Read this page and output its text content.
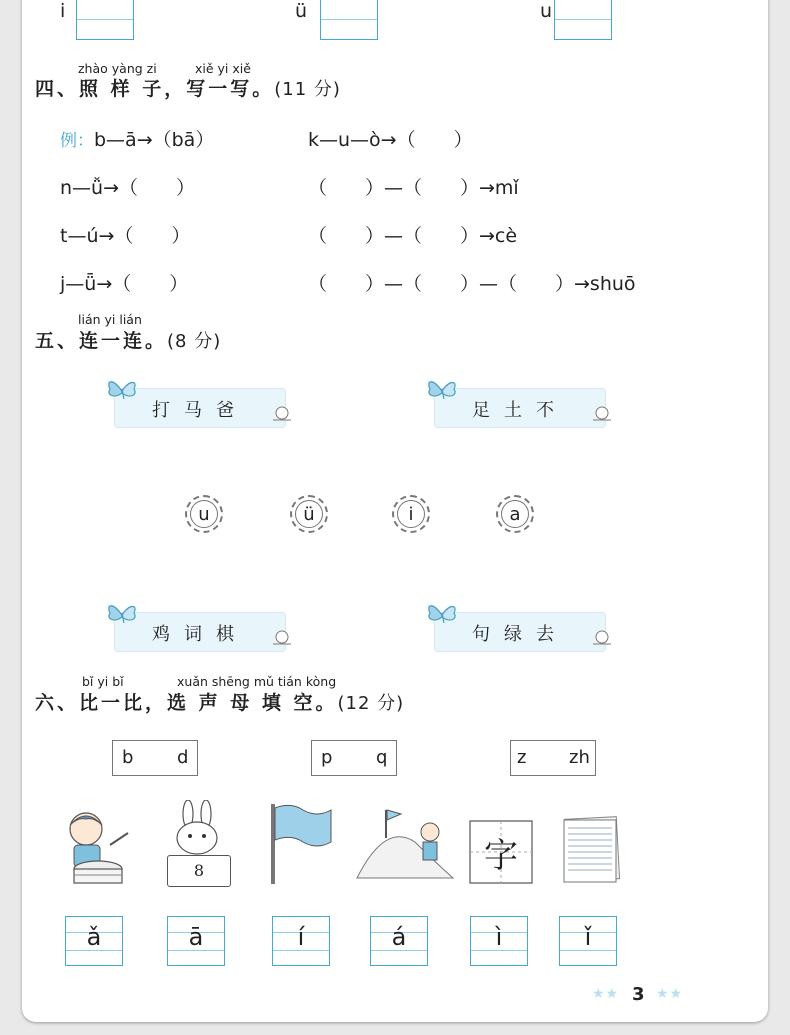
i	ü	u
zhào yàng zi	xiě yi xiě
四、照 样 子，写一写。(11 分)
例：b—ā→（bā）	k—u—ò→（　　）
n—ǚ→（　　）	（　　）—（　　）→mǐ
t—ú→（　　）	（　　）—（　　）→cè
j—ǖ→（　　）	（　　）—（　　）—（　　）→shuō
lián yi lián
五、连一连。(8 分)
打马爸	足土不
u	ü	i	a
鸡词棋	句绿去
bǐ yi bǐ	xuǎn shēng mǔ tián kòng
六、比一比，选 声 母 填 空。(12 分)
b d	p q	z zh
8	字
ǎ	ā	í	á	ì	ǐ
★★ 3 ★★
